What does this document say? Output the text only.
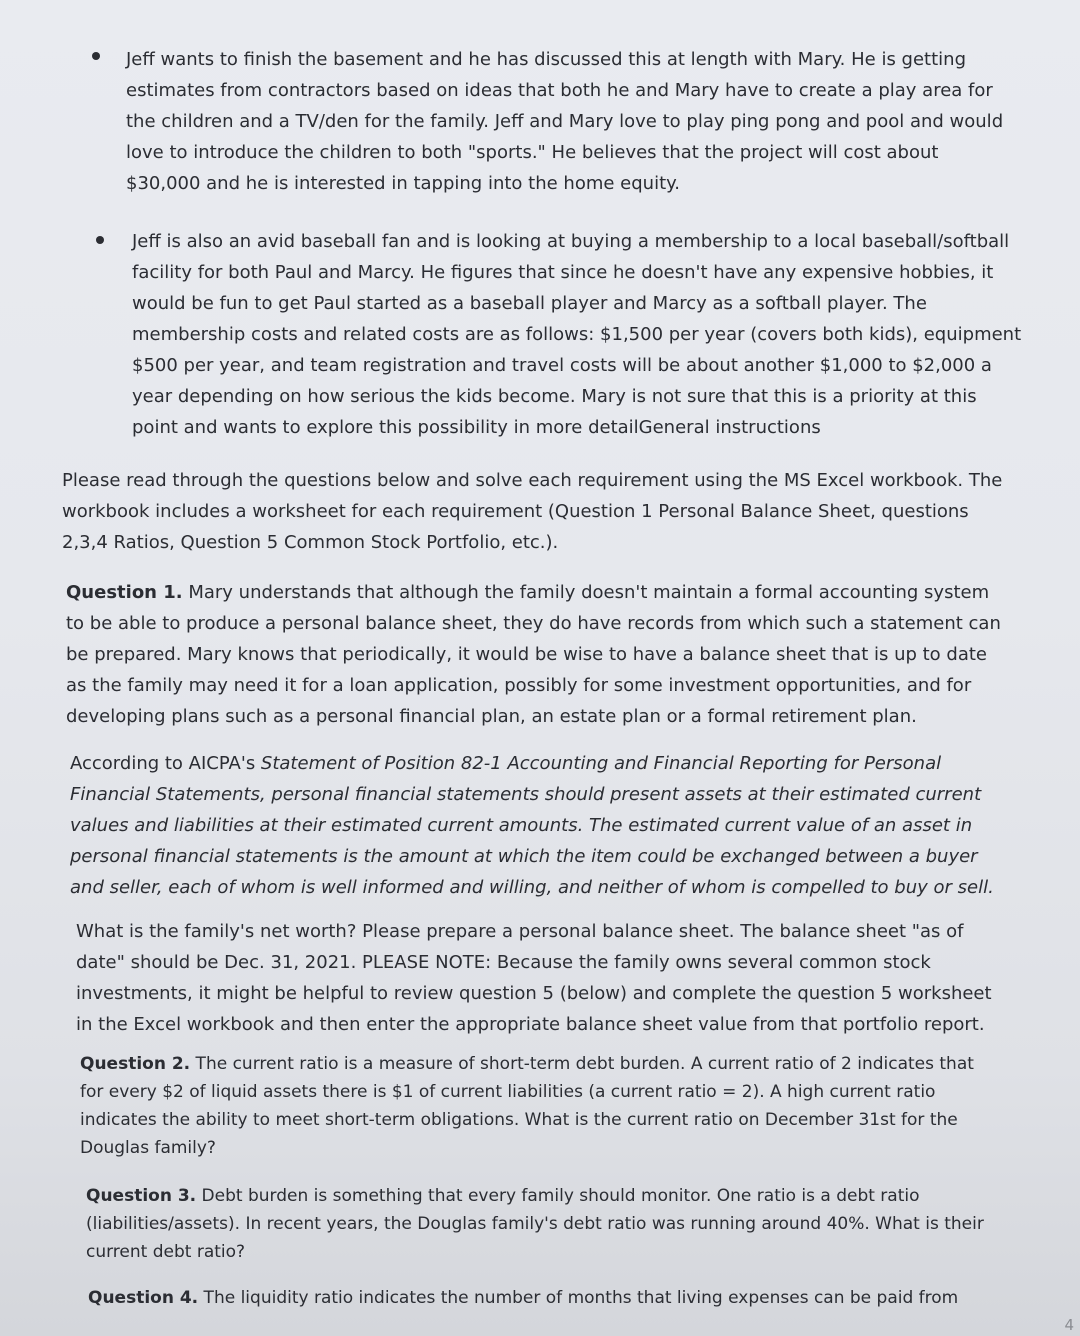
Jeff wants to finish the basement and he has discussed this at length with Mary. He is getting estimates from contractors based on ideas that both he and Mary have to create a play area for the children and a TV/den for the family. Jeff and Mary love to play ping pong and pool and would love to introduce the children to both "sports." He believes that the project will cost about $30,000 and he is interested in tapping into the home equity.

Jeff is also an avid baseball fan and is looking at buying a membership to a local baseball/softball facility for both Paul and Marcy. He figures that since he doesn't have any expensive hobbies, it would be fun to get Paul started as a baseball player and Marcy as a softball player. The membership costs and related costs are as follows: $1,500 per year (covers both kids), equipment $500 per year, and team registration and travel costs will be about another $1,000 to $2,000 a year depending on how serious the kids become. Mary is not sure that this is a priority at this point and wants to explore this possibility in more detailGeneral instructions

Please read through the questions below and solve each requirement using the MS Excel workbook. The workbook includes a worksheet for each requirement (Question 1 Personal Balance Sheet, questions 2,3,4 Ratios, Question 5 Common Stock Portfolio, etc.).

Question 1. Mary understands that although the family doesn't maintain a formal accounting system to be able to produce a personal balance sheet, they do have records from which such a statement can be prepared. Mary knows that periodically, it would be wise to have a balance sheet that is up to date as the family may need it for a loan application, possibly for some investment opportunities, and for developing plans such as a personal financial plan, an estate plan or a formal retirement plan.

According to AICPA's Statement of Position 82-1 Accounting and Financial Reporting for Personal Financial Statements, personal financial statements should present assets at their estimated current values and liabilities at their estimated current amounts. The estimated current value of an asset in personal financial statements is the amount at which the item could be exchanged between a buyer and seller, each of whom is well informed and willing, and neither of whom is compelled to buy or sell.

What is the family's net worth? Please prepare a personal balance sheet. The balance sheet "as of date" should be Dec. 31, 2021. PLEASE NOTE: Because the family owns several common stock investments, it might be helpful to review question 5 (below) and complete the question 5 worksheet in the Excel workbook and then enter the appropriate balance sheet value from that portfolio report.

Question 2. The current ratio is a measure of short-term debt burden. A current ratio of 2 indicates that for every $2 of liquid assets there is $1 of current liabilities (a current ratio = 2). A high current ratio indicates the ability to meet short-term obligations. What is the current ratio on December 31st for the Douglas family?

Question 3. Debt burden is something that every family should monitor. One ratio is a debt ratio (liabilities/assets). In recent years, the Douglas family's debt ratio was running around 40%. What is their current debt ratio?

Question 4. The liquidity ratio indicates the number of months that living expenses can be paid from

4
